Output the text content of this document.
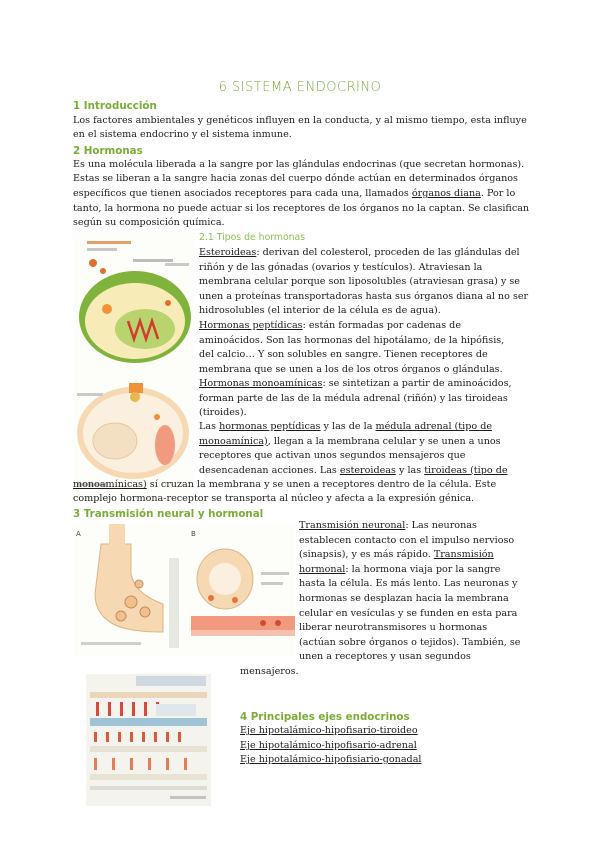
6 SISTEMA ENDOCRINO
1 Introducción
Los factores ambientales y genéticos influyen en la conducta, y al mismo tiempo, esta influye
en el sistema endocrino y el sistema inmune.
2 Hormonas
Es una molécula liberada a la sangre por las glándulas endocrinas (que secretan hormonas).
Estas se liberan a la sangre hacia zonas del cuerpo dónde actúan en determinados órganos
específicos que tienen asociados receptores para cada una, llamados órganos diana. Por lo
tanto, la hormona no puede actuar si los receptores de los órganos no la captan. Se clasifican
según su composición química.
2.1 Tipos de hormonas
Esteroideas: derivan del colesterol, proceden de las glándulas del
riñón y de las gónadas (ovarios y testículos). Atraviesan la
membrana celular porque son liposolubles (atraviesan grasa) y se
unen a proteínas transportadoras hasta sus órganos diana al no ser
hidrosolubles (el interior de la célula es de agua).
Hormonas peptídicas: están formadas por cadenas de
aminoácidos. Son las hormonas del hipotálamo, de la hipófisis,
del calcio… Y son solubles en sangre. Tienen receptores de
membrana que se unen a los de los otros órganos o glándulas.
Hormonas monoamínicas: se sintetizan a partir de aminoácidos,
forman parte de las de la médula adrenal (riñón) y las tiroideas
(tiroides).
Las hormonas peptídicas y las de la médula adrenal (tipo de
monoamínica), llegan a la membrana celular y se unen a unos
receptores que activan unos segundos mensajeros que
desencadenan acciones. Las esteroideas y las tiroideas (tipo de
monoamínicas) sí cruzan la membrana y se unen a receptores dentro de la célula. Este
complejo hormona-receptor se transporta al núcleo y afecta a la expresión génica.
3 Transmisión neural y hormonal
A	B
Transmisión neuronal: Las neuronas
establecen contacto con el impulso nervioso
(sinapsis), y es más rápido. Transmisión
hormonal: la hormona viaja por la sangre
hasta la célula. Es más lento. Las neuronas y
hormonas se desplazan hacia la membrana
celular en vesículas y se funden en esta para
liberar neurotransmisores u hormonas
(actúan sobre órganos o tejidos). También, se
unen a receptores y usan segundos
mensajeros.
4 Principales ejes endocrinos
Eje hipotalámico-hipofisario-tiroideo
Eje hipotalámico-hipofisario-adrenal
Eje hipotalámico-hipofisiario-gonadal
